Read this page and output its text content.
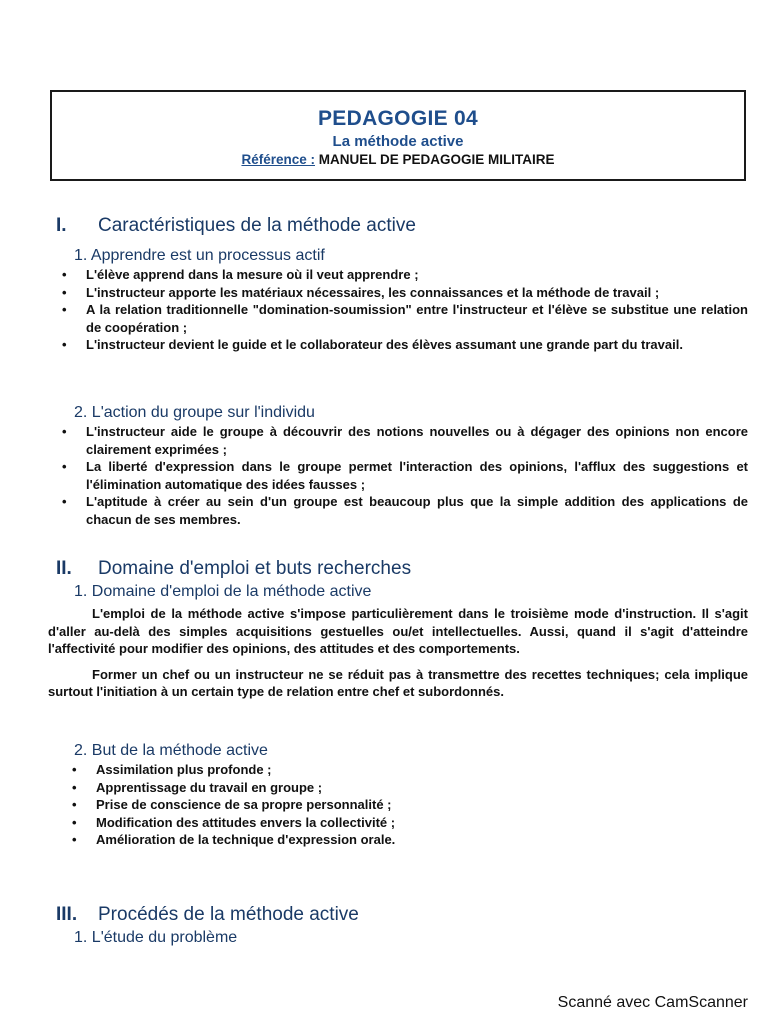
PEDAGOGIE 04
La méthode active
Référence : MANUEL DE PEDAGOGIE MILITAIRE
I.	Caractéristiques de la méthode active
1. Apprendre est un processus actif
• L'élève apprend dans la mesure où il veut apprendre ;
• L'instructeur apporte les matériaux nécessaires, les connaissances et la méthode de travail ;
• A la relation traditionnelle "domination-soumission" entre l'instructeur et l'élève se substitue une relation de coopération ;
• L'instructeur devient le guide et le collaborateur des élèves assumant une grande part du travail.
2. L'action du groupe sur l'individu
• L'instructeur aide le groupe à découvrir des notions nouvelles ou à dégager des opinions non encore clairement exprimées ;
• La liberté d'expression dans le groupe permet l'interaction des opinions, l'afflux des suggestions et l'élimination automatique des idées fausses ;
• L'aptitude à créer au sein d'un groupe est beaucoup plus que la simple addition des applications de chacun de ses membres.
II.	Domaine d'emploi et buts recherches
1. Domaine d'emploi de la méthode active

L'emploi de la méthode active s'impose particulièrement dans le troisième mode d'instruction. Il s'agit d'aller au-delà des simples acquisitions gestuelles ou/et intellectuelles. Aussi, quand il s'agit d'atteindre l'affectivité pour modifier des opinions, des attitudes et des comportements.

Former un chef ou un instructeur ne se réduit pas à transmettre des recettes techniques; cela implique surtout l'initiation à un certain type de relation entre chef et subordonnés.

2. But de la méthode active
• Assimilation plus profonde ;
• Apprentissage du travail en groupe ;
• Prise de conscience de sa propre personnalité ;
• Modification des attitudes envers la collectivité ;
• Amélioration de la technique d'expression orale.
III.	Procédés de la méthode active
1. L'étude du problème
Scanné avec CamScanner
